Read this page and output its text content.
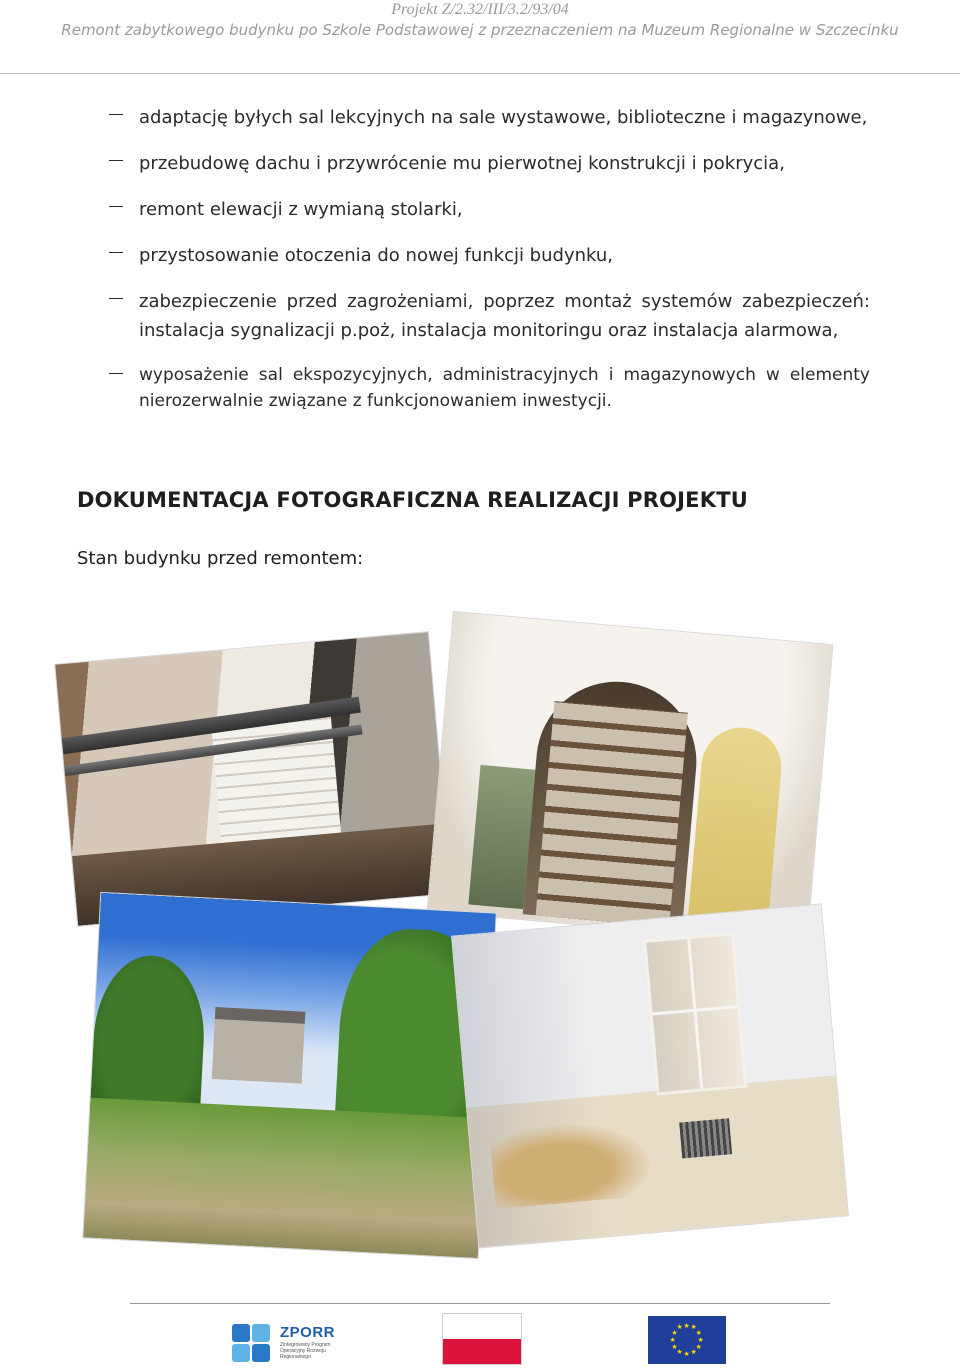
Projekt Z/2.32/III/3.2/93/04
Remont zabytkowego budynku po Szkole Podstawowej z przeznaczeniem na Muzeum Regionalne w Szczecinku
adaptację byłych sal lekcyjnych na sale wystawowe, biblioteczne i magazynowe,
przebudowę dachu i przywrócenie mu pierwotnej konstrukcji i pokrycia,
remont elewacji z wymianą stolarki,
przystosowanie otoczenia do nowej funkcji budynku,
zabezpieczenie przed zagrożeniami, poprzez montaż systemów zabezpieczeń: instalacja sygnalizacji p.poż, instalacja monitoringu oraz instalacja alarmowa,
wyposażenie sal ekspozycyjnych, administracyjnych i magazynowych w elementy nierozerwalnie związane z funkcjonowaniem inwestycji.
DOKUMENTACJA FOTOGRAFICZNA REALIZACJI PROJEKTU
Stan budynku przed remontem:
ZPORR
Zintegrowany Program Operacyjny Rozwoju Regionalnego
★
★
★
★
★
★
★
★
★ ★ ★
★
